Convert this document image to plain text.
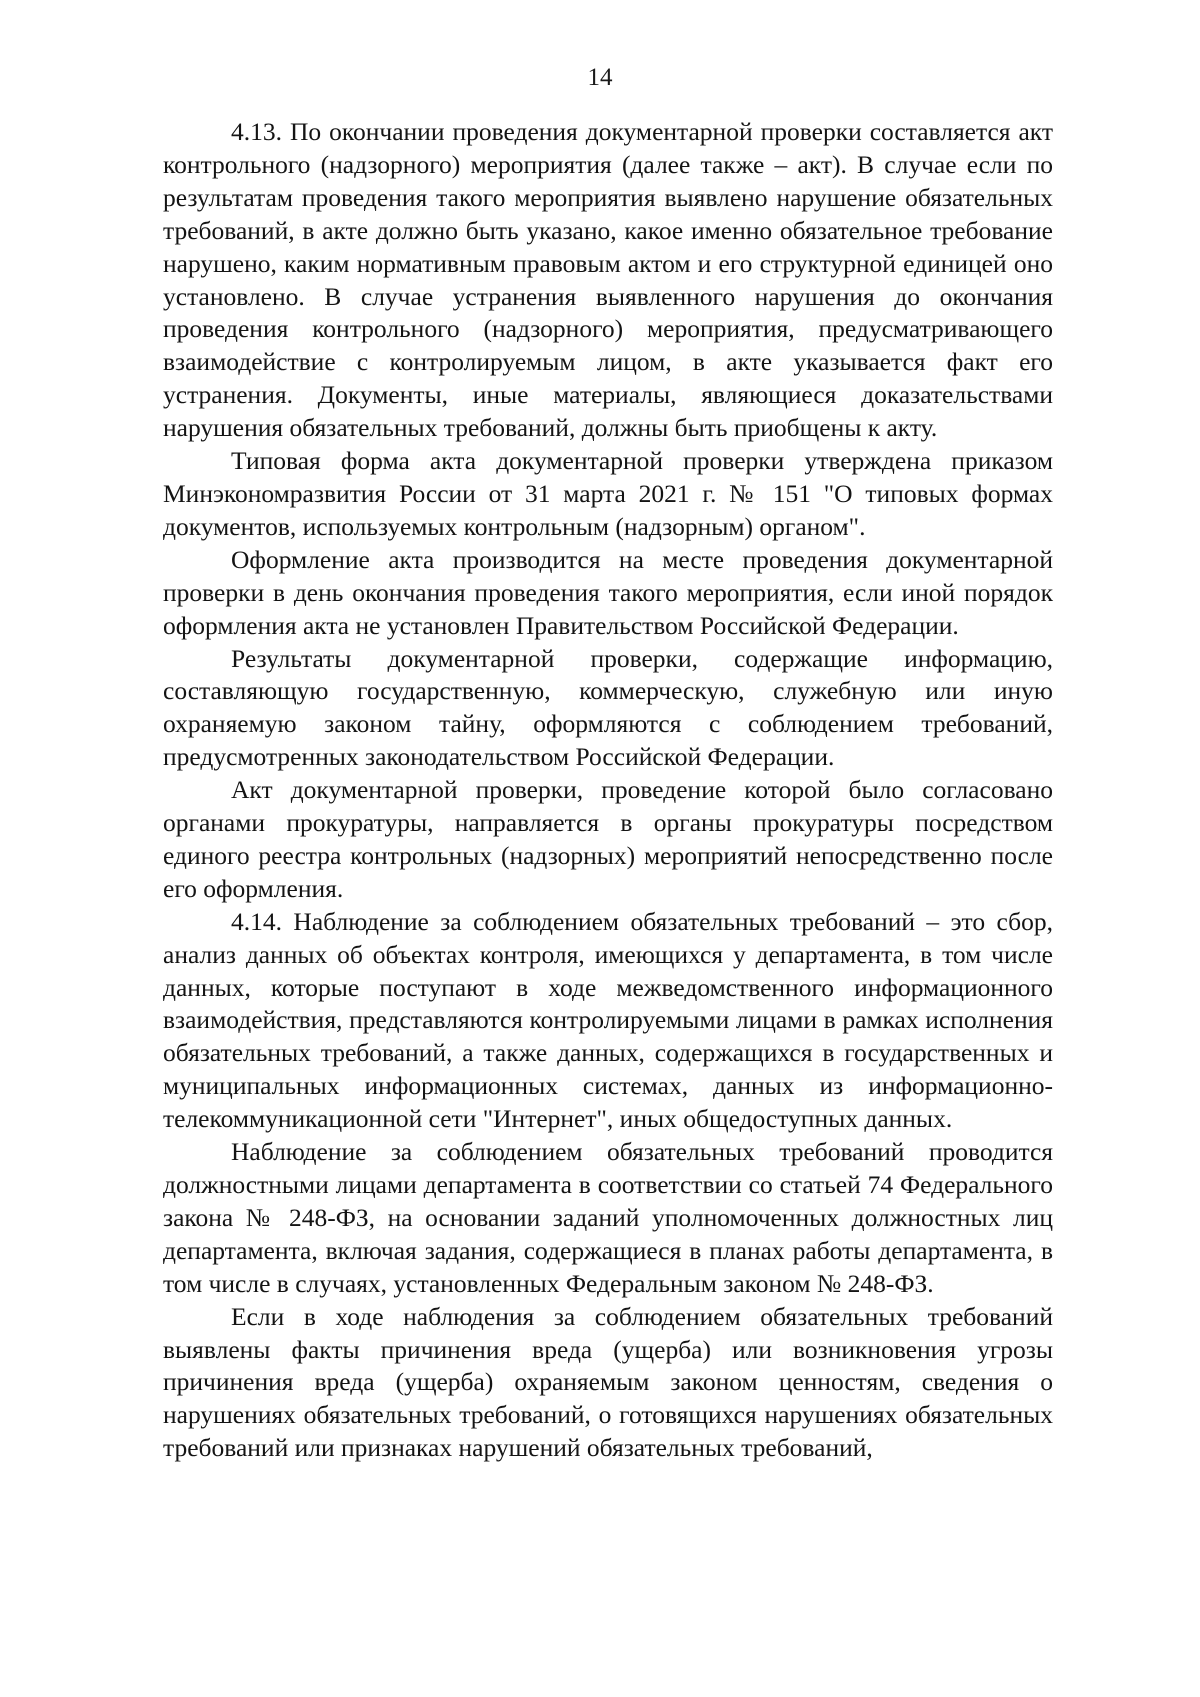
14

4.13. По окончании проведения документарной проверки составляется акт контрольного (надзорного) мероприятия (далее также – акт). В случае если по результатам проведения такого мероприятия выявлено нарушение обязательных требований, в акте должно быть указано, какое именно обязательное требование нарушено, каким нормативным правовым актом и его структурной единицей оно установлено. В случае устранения выявленного нарушения до окончания проведения контрольного (надзорного) мероприятия, предусматривающего взаимодействие с контролируемым лицом, в акте указывается факт его устранения. Документы, иные материалы, являющиеся доказательствами нарушения обязательных требований, должны быть приобщены к акту.

Типовая форма акта документарной проверки утверждена приказом Минэкономразвития России от 31 марта 2021 г. № 151 "О типовых формах документов, используемых контрольным (надзорным) органом".

Оформление акта производится на месте проведения документарной проверки в день окончания проведения такого мероприятия, если иной порядок оформления акта не установлен Правительством Российской Федерации.

Результаты документарной проверки, содержащие информацию, составляющую государственную, коммерческую, служебную или иную охраняемую законом тайну, оформляются с соблюдением требований, предусмотренных законодательством Российской Федерации.

Акт документарной проверки, проведение которой было согласовано органами прокуратуры, направляется в органы прокуратуры посредством единого реестра контрольных (надзорных) мероприятий непосредственно после его оформления.

4.14. Наблюдение за соблюдением обязательных требований – это сбор, анализ данных об объектах контроля, имеющихся у департамента, в том числе данных, которые поступают в ходе межведомственного информационного взаимодействия, представляются контролируемыми лицами в рамках исполнения обязательных требований, а также данных, содержащихся в государственных и муниципальных информационных системах, данных из информационно-телекоммуникационной сети "Интернет", иных общедоступных данных.

Наблюдение за соблюдением обязательных требований проводится должностными лицами департамента в соответствии со статьей 74 Федерального закона № 248-ФЗ, на основании заданий уполномоченных должностных лиц департамента, включая задания, содержащиеся в планах работы департамента, в том числе в случаях, установленных Федеральным законом № 248-ФЗ.

Если в ходе наблюдения за соблюдением обязательных требований выявлены факты причинения вреда (ущерба) или возникновения угрозы причинения вреда (ущерба) охраняемым законом ценностям, сведения о нарушениях обязательных требований, о готовящихся нарушениях обязательных требований или признаках нарушений обязательных требований,
